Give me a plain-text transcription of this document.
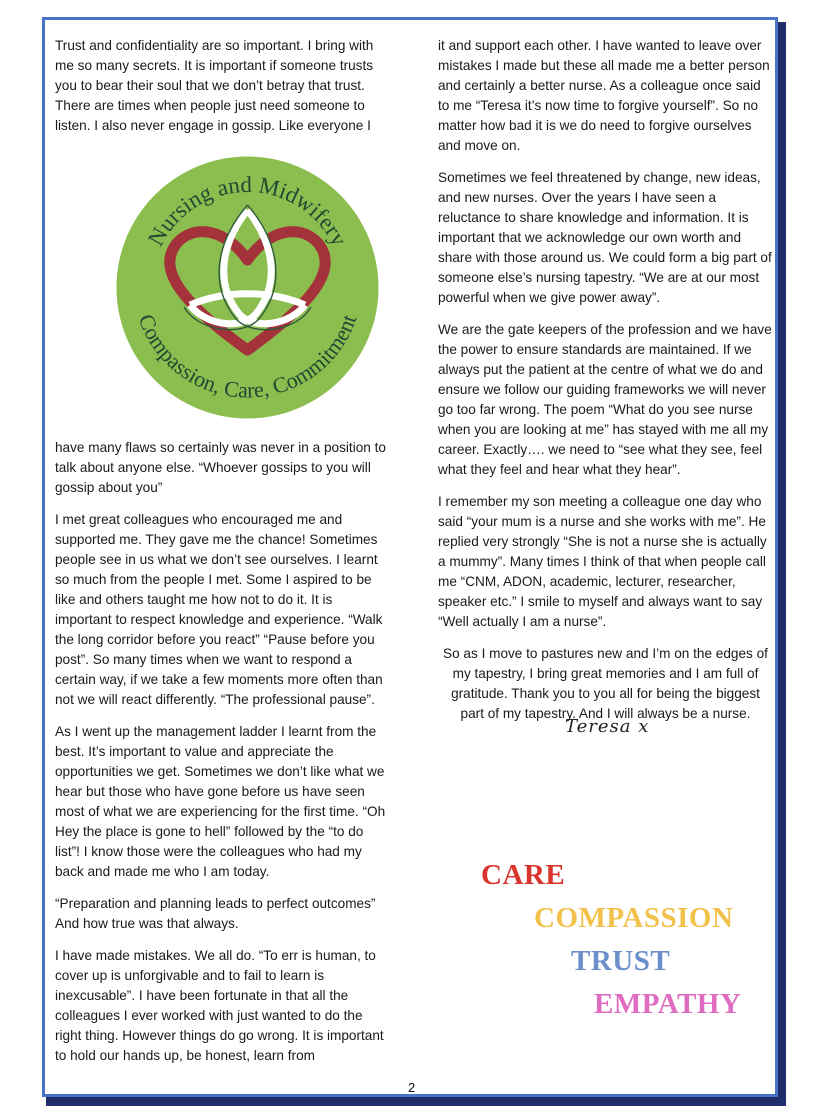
Trust and confidentiality are so important. I bring with me so many secrets. It is important if someone trusts you to bear their soul that we don’t betray that trust. There are times when people just need someone to listen. I also never engage in gossip. Like everyone I

Nursing and Midwifery
Compassion, Care, Commitment

have many flaws so certainly was never in a position to talk about anyone else. “Whoever gossips to you will gossip about you”

I met great colleagues who encouraged me and supported me. They gave me the chance! Sometimes people see in us what we don’t see ourselves. I learnt so much from the people I met. Some I aspired to be like and others taught me how not to do it. It is important to respect knowledge and experience. “Walk the long corridor before you react” “Pause before you post”. So many times when we want to respond a certain way, if we take a few moments more often than not we will react differently. “The professional pause”.

As I went up the management ladder I learnt from the best. It’s important to value and appreciate the opportunities we get. Sometimes we don’t like what we hear but those who have gone before us have seen most of what we are experiencing for the first time. “Oh Hey the place is gone to hell” followed by the “to do list”! I know those were the colleagues who had my back and made me who I am today.

“Preparation and planning leads to perfect outcomes” And how true was that always.

I have made mistakes. We all do. “To err is human, to cover up is unforgivable and to fail to learn is inexcusable”. I have been fortunate in that all the colleagues I ever worked with just wanted to do the right thing. However things do go wrong. It is important to hold our hands up, be honest, learn from

it and support each other. I have wanted to leave over mistakes I made but these all made me a better person and certainly a better nurse. As a colleague once said to me “Teresa it’s now time to forgive yourself”. So no matter how bad it is we do need to forgive ourselves and move on.

Sometimes we feel threatened by change, new ideas, and new nurses. Over the years I have seen a reluctance to share knowledge and information. It is important that we acknowledge our own worth and share with those around us. We could form a big part of someone else’s nursing tapestry. “We are at our most powerful when we give power away”.

We are the gate keepers of the profession and we have the power to ensure standards are maintained. If we always put the patient at the centre of what we do and ensure we follow our guiding frameworks we will never go too far wrong. The poem “What do you see nurse when you are looking at me” has stayed with me all my career. Exactly…. we need to “see what they see, feel what they feel and hear what they hear”.

I remember my son meeting a colleague one day who said “your mum is a nurse and she works with me”. He replied very strongly “She is not a nurse she is actually a mummy”. Many times I think of that when people call me “CNM, ADON, academic, lecturer, researcher, speaker etc.” I smile to myself and always want to say “Well actually I am a nurse”.

So as I move to pastures new and I’m on the edges of my tapestry, I bring great memories and I am full of gratitude. Thank you to you all for being the biggest part of my tapestry. And I will always be a nurse.

Teresa x
CARE
COMPASSION
TRUST
EMPATHY
2
